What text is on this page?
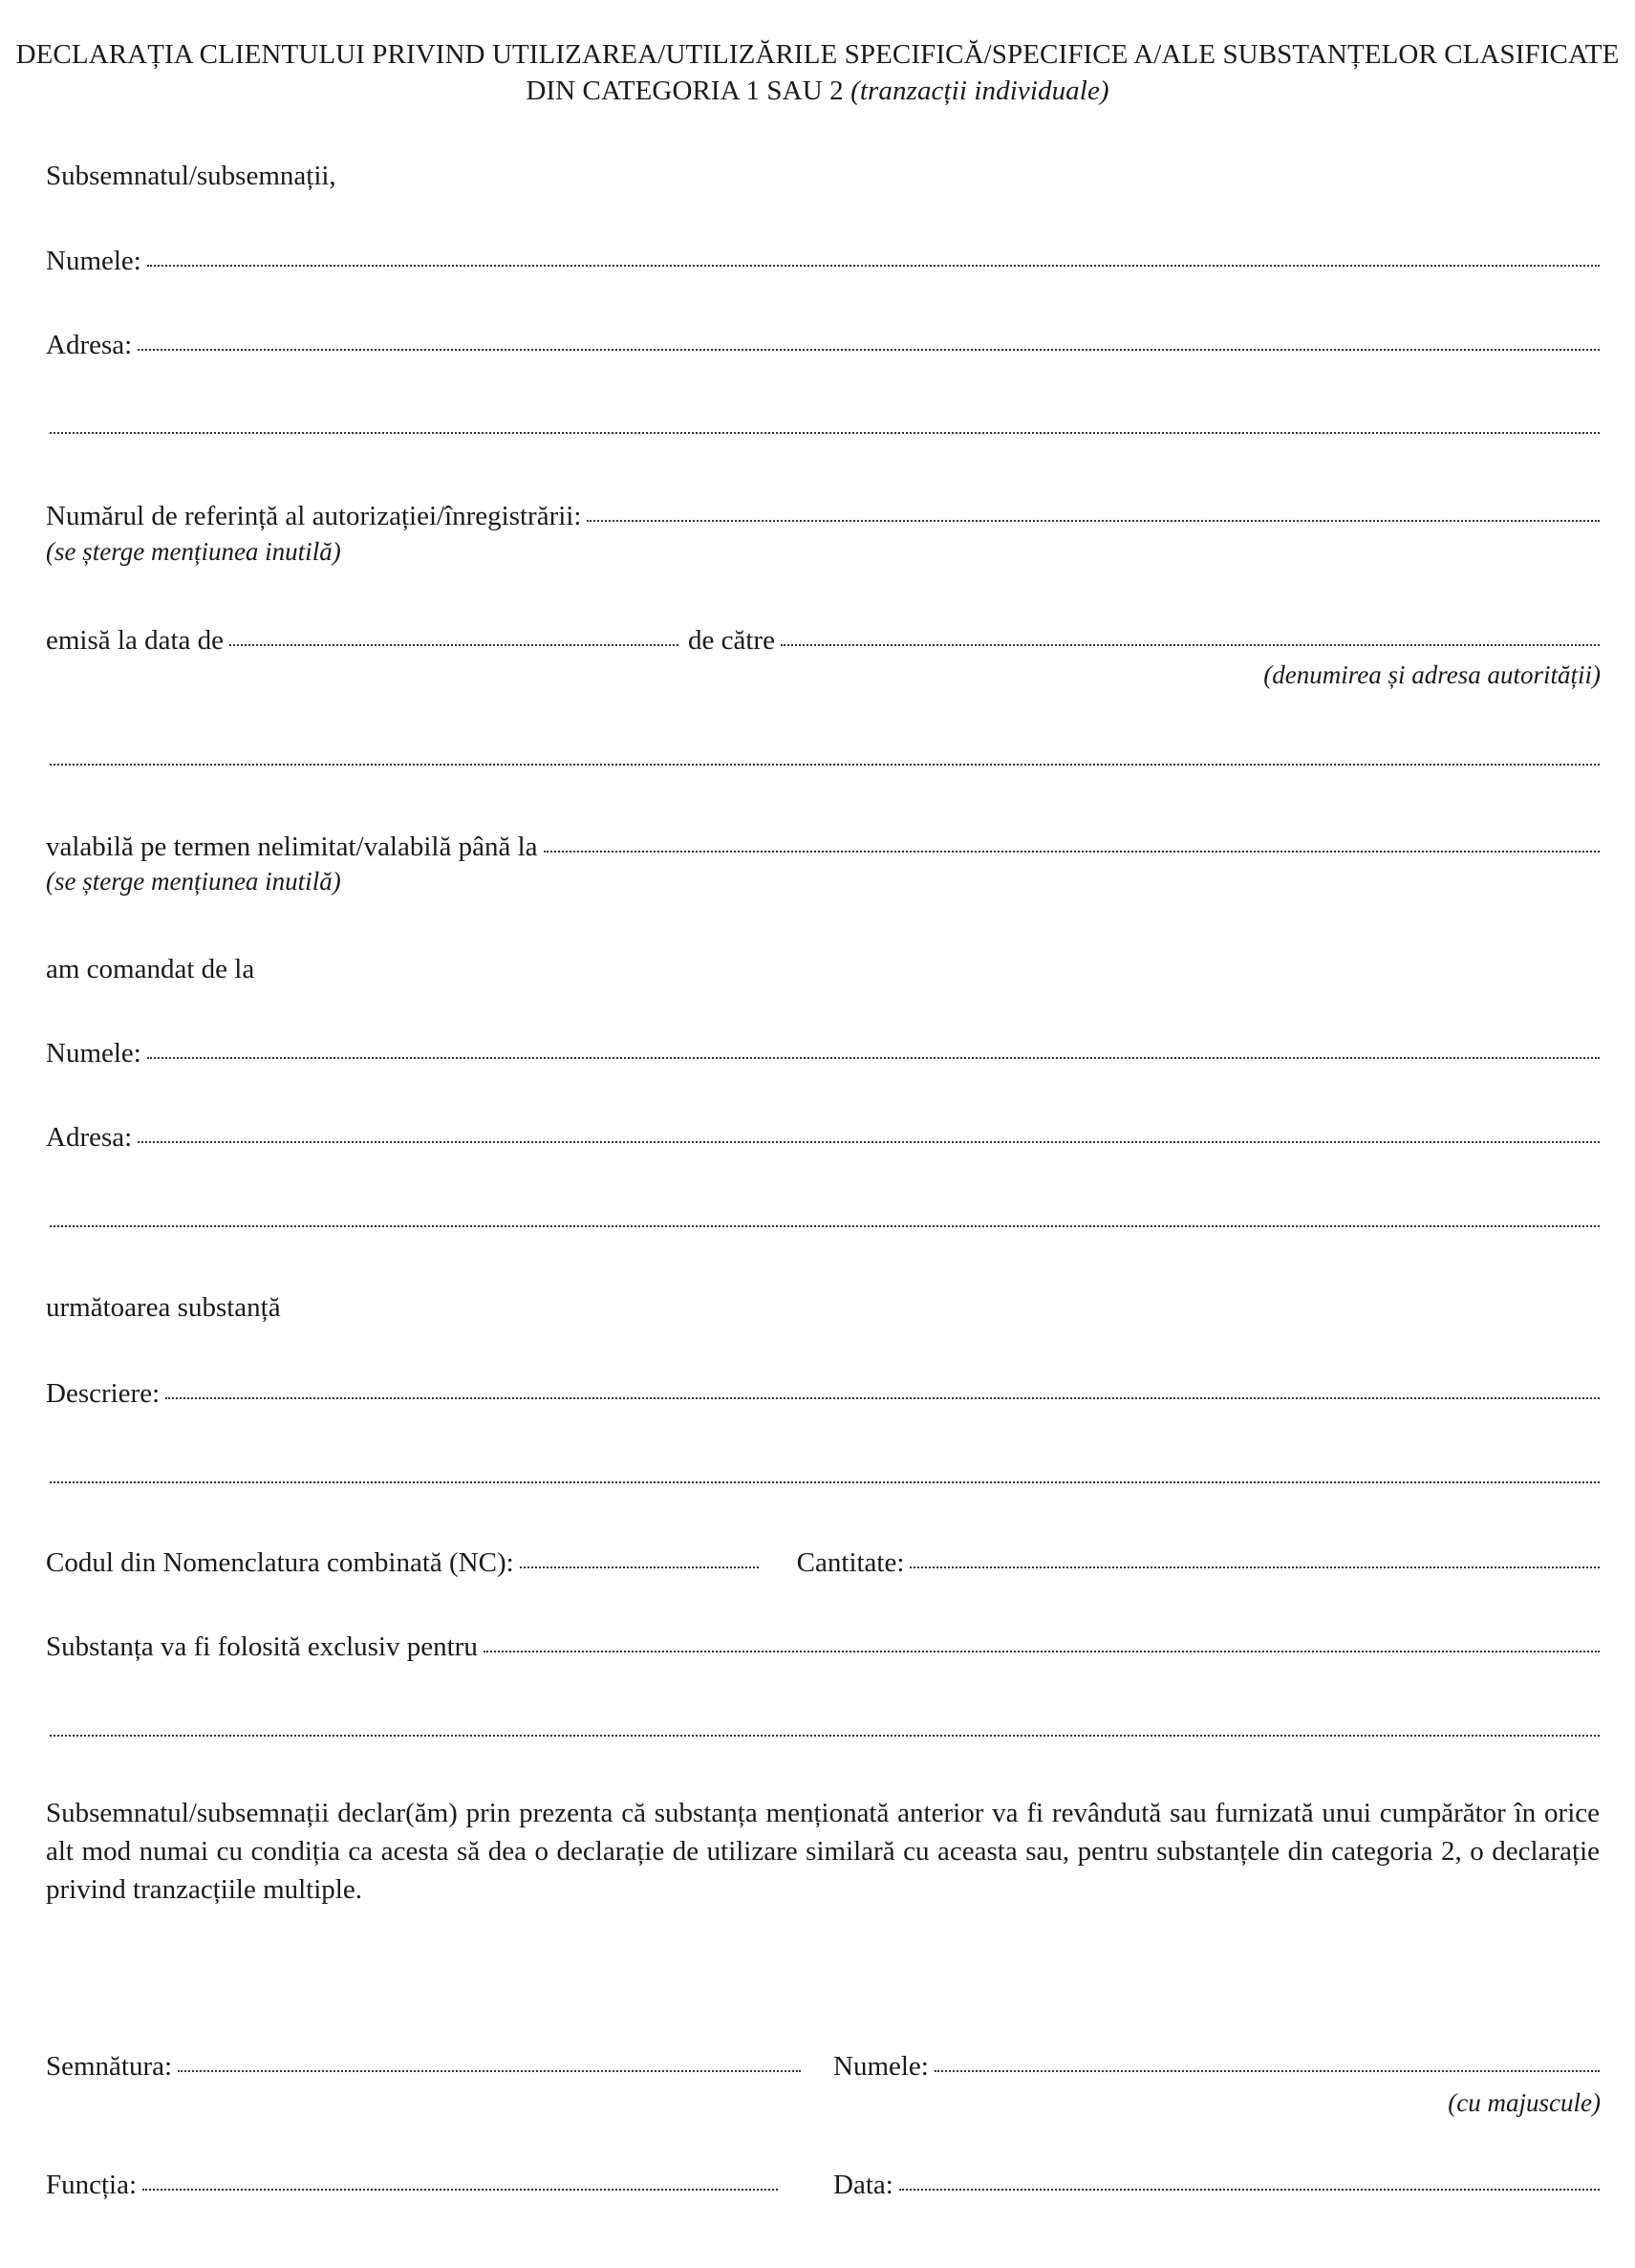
DECLARAȚIA CLIENTULUI PRIVIND UTILIZAREA/UTILIZĂRILE SPECIFICĂ/SPECIFICE A/ALE SUBSTANȚELOR CLASIFICATE
DIN CATEGORIA 1 SAU 2 (tranzacții individuale)
Subsemnatul/subsemnații,
Numele:
Adresa:
Numărul de referință al autorizației/înregistrării:
(se șterge mențiunea inutilă)
emisă la data de	de către
(denumirea și adresa autorității)
valabilă pe termen nelimitat/valabilă până la
(se șterge mențiunea inutilă)
am comandat de la
Numele:
Adresa:
următoarea substanță
Descriere:
Codul din Nomenclatura combinată (NC):	Cantitate:
Substanța va fi folosită exclusiv pentru
Subsemnatul/subsemnații declar(ăm) prin prezenta că substanța menționată anterior va fi revândută sau furnizată unui cumpărător în orice alt mod numai cu condiția ca acesta să dea o declarație de utilizare similară cu aceasta sau, pentru substanțele din categoria 2, o declarație privind tranzacțiile multiple.
Semnătura:	Numele:
(cu majuscule)
Funcția:	Data:
